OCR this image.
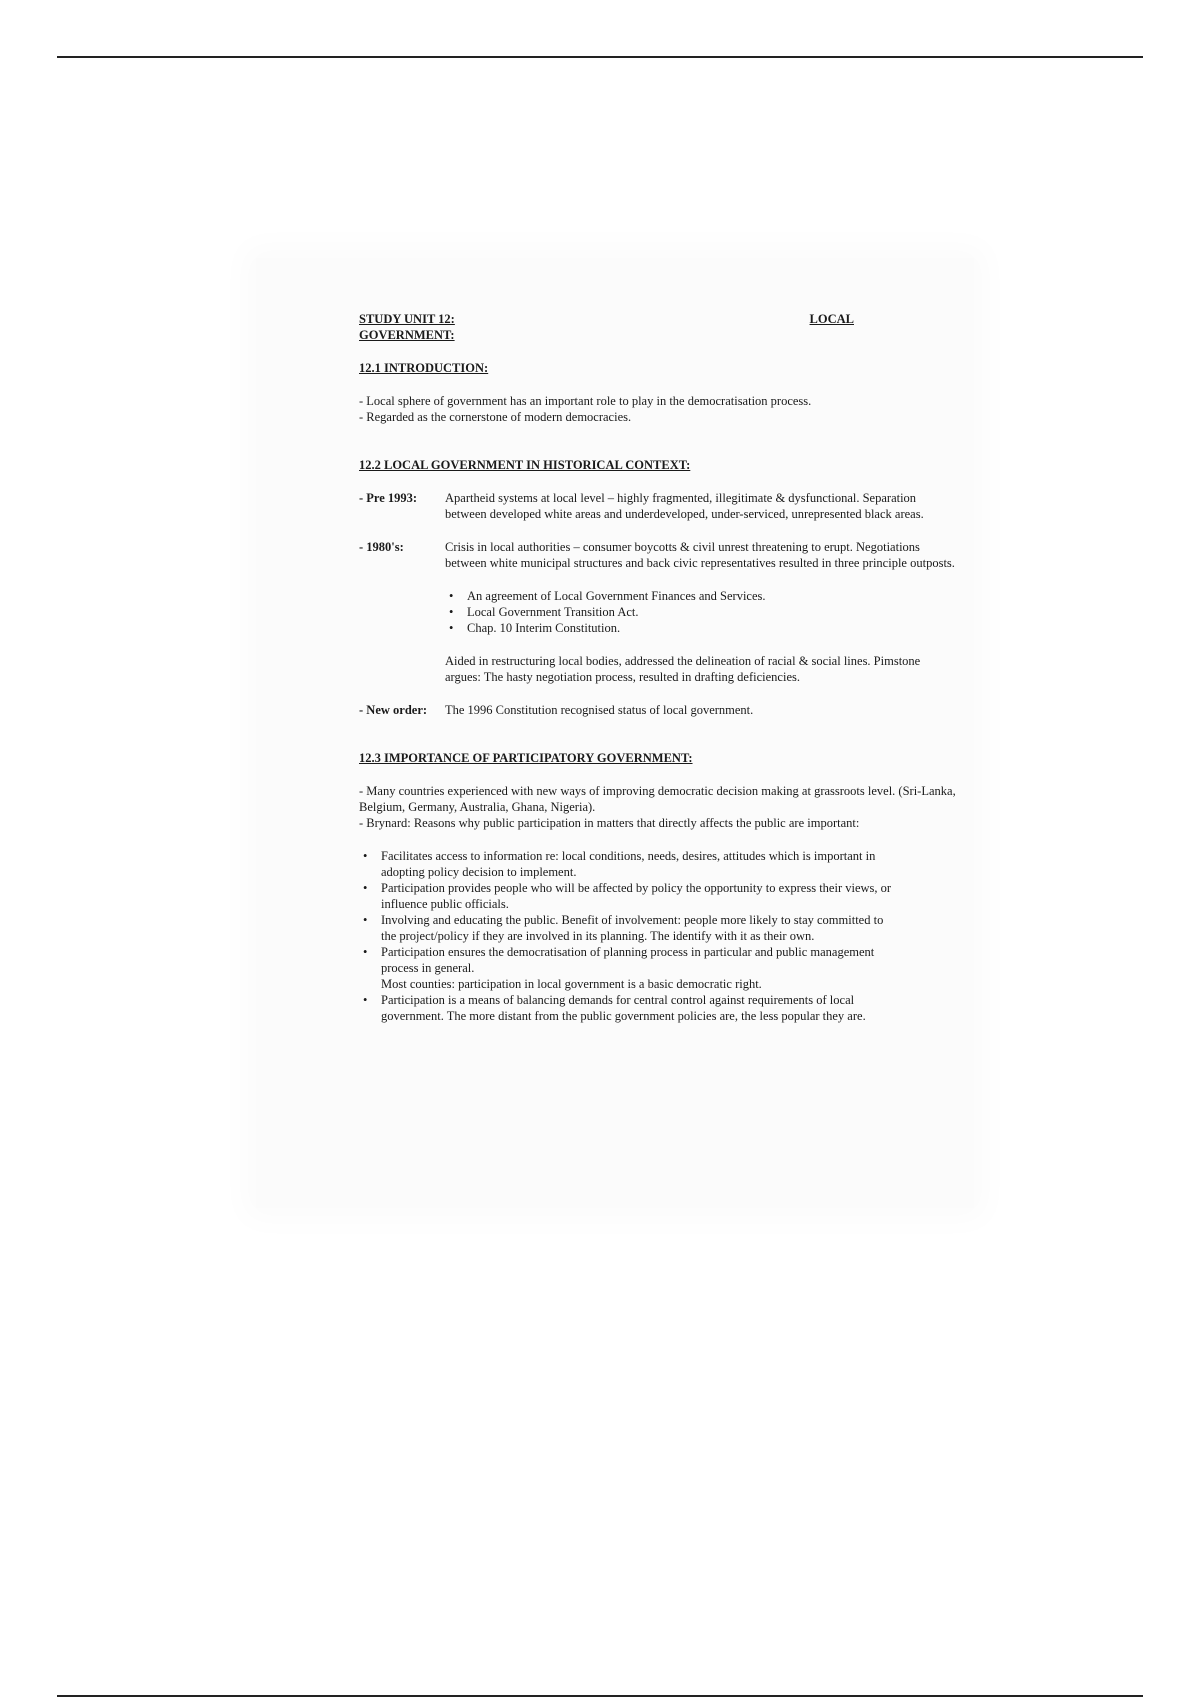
STUDY UNIT 12:	LOCAL
GOVERNMENT:

12.1 INTRODUCTION:

- Local sphere of government has an important role to play in the democratisation process.

- Regarded as the cornerstone of modern democracies.

12.2 LOCAL GOVERNMENT IN HISTORICAL CONTEXT:

- Pre 1993:	Apartheid systems at local level – highly fragmented, illegitimate & dysfunctional. Separation between developed white areas and underdeveloped, under-serviced, unrepresented black areas.
- 1980's:	Crisis in local authorities – consumer boycotts & civil unrest threatening to erupt. Negotiations between white municipal structures and back civic representatives resulted in three principle outposts.
• An agreement of Local Government Finances and Services.
• Local Government Transition Act.
• Chap. 10 Interim Constitution.
Aided in restructuring local bodies, addressed the delineation of racial & social lines. Pimstone argues: The hasty negotiation process, resulted in drafting deficiencies.
- New order:	The 1996 Constitution recognised status of local government.

12.3 IMPORTANCE OF PARTICIPATORY GOVERNMENT:

- Many countries experienced with new ways of improving democratic decision making at grassroots level. (Sri-Lanka, Belgium, Germany, Australia, Ghana, Nigeria).

- Brynard: Reasons why public participation in matters that directly affects the public are important:

• Facilitates access to information re: local conditions, needs, desires, attitudes which is important in adopting policy decision to implement.
• Participation provides people who will be affected by policy the opportunity to express their views, or influence public officials.
• Involving and educating the public. Benefit of involvement: people more likely to stay committed to the project/policy if they are involved in its planning. The identify with it as their own.
• Participation ensures the democratisation of planning process in particular and public management process in general.
Most counties: participation in local government is a basic democratic right.
• Participation is a means of balancing demands for central control against requirements of local government. The more distant from the public government policies are, the less popular they are.
